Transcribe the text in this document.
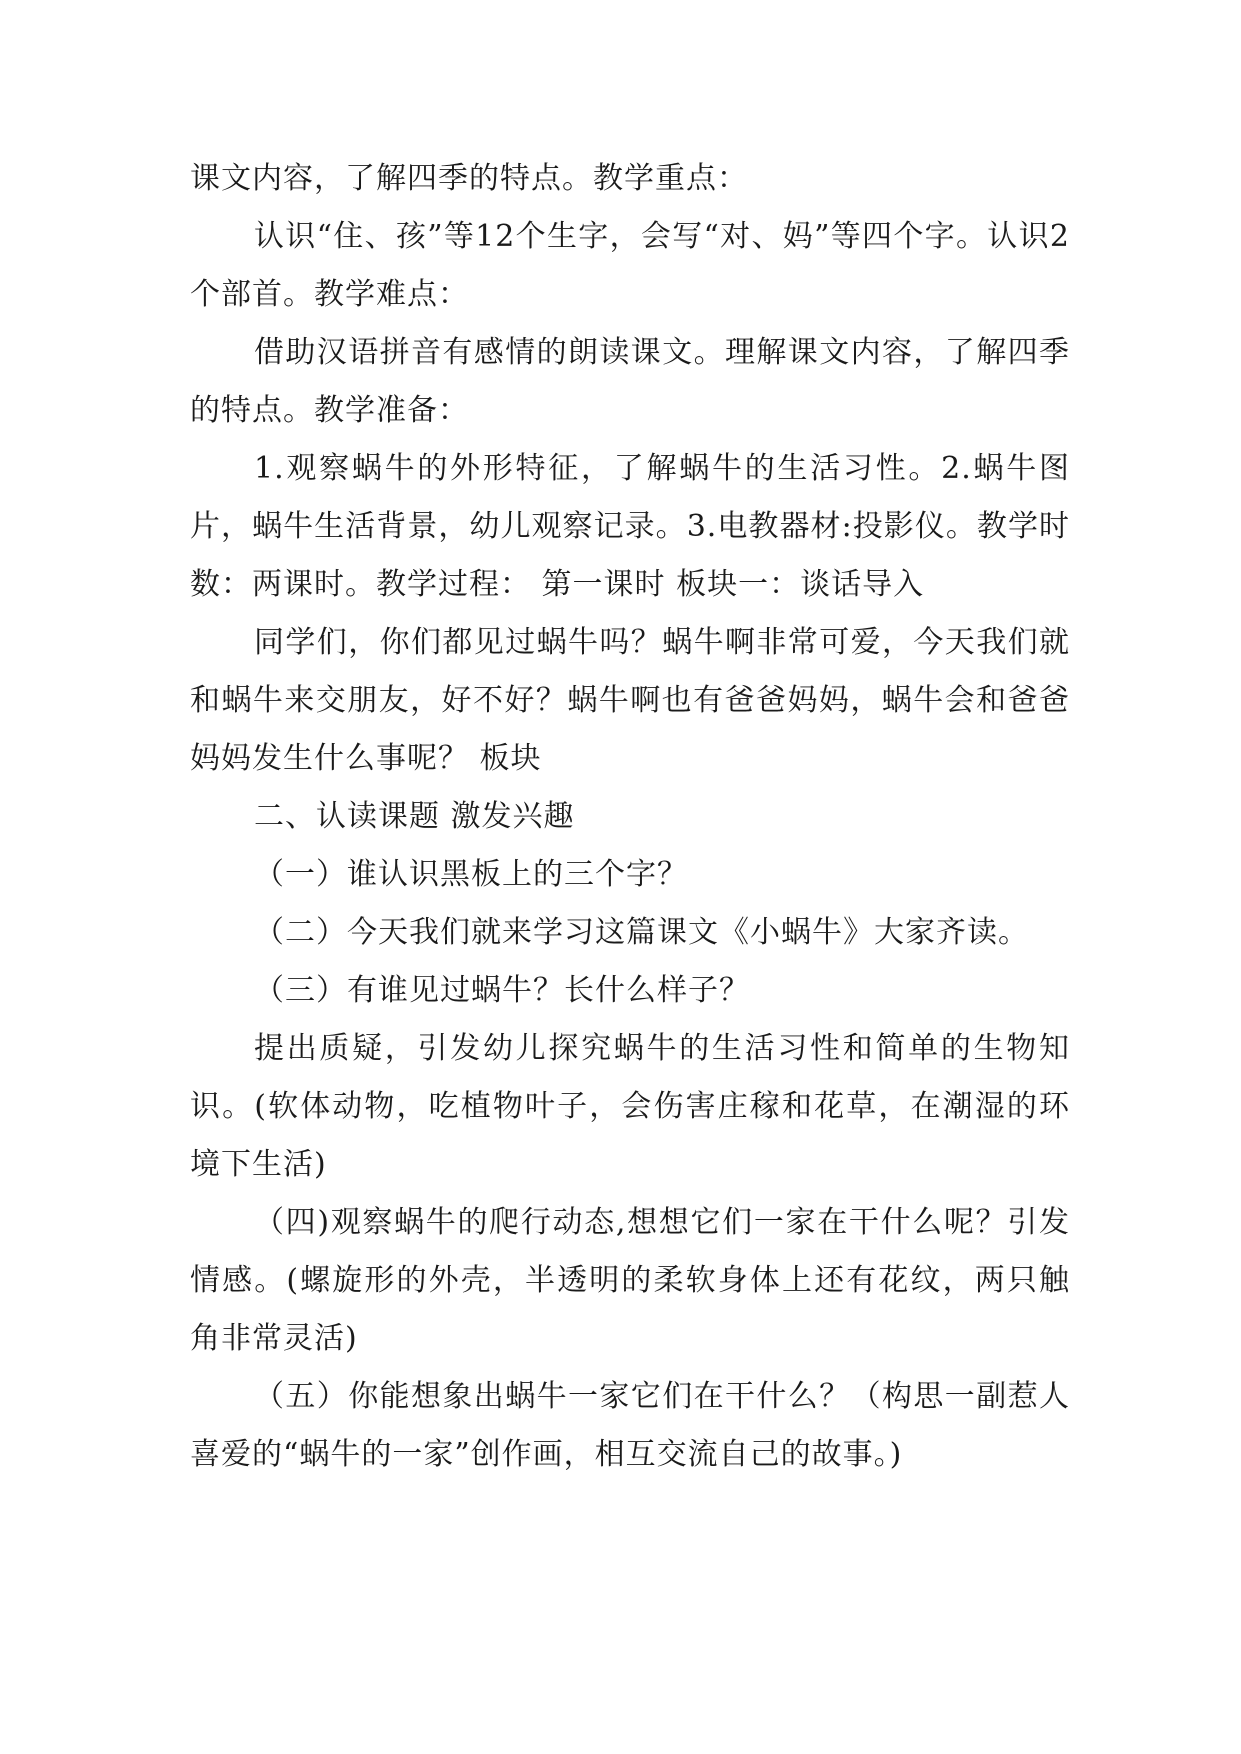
课文内容，了解四季的特点。教学重点：

认识“住、孩”等12个生字，会写“对、妈”等四个字。认识2个部首。教学难点：

借助汉语拼音有感情的朗读课文。理解课文内容，了解四季的特点。教学准备：

1.观察蜗牛的外形特征，了解蜗牛的生活习性。2.蜗牛图片，蜗牛生活背景，幼儿观察记录。3.电教器材:投影仪。教学时数：两课时。教学过程： 第一课时 板块一：谈话导入

同学们，你们都见过蜗牛吗？蜗牛啊非常可爱，今天我们就和蜗牛来交朋友，好不好？蜗牛啊也有爸爸妈妈，蜗牛会和爸爸妈妈发生什么事呢？ 板块

二、认读课题 激发兴趣

（一）谁认识黑板上的三个字？

（二）今天我们就来学习这篇课文《小蜗牛》大家齐读。

（三）有谁见过蜗牛？长什么样子？

提出质疑，引发幼儿探究蜗牛的生活习性和简单的生物知识。(软体动物，吃植物叶子，会伤害庄稼和花草，在潮湿的环境下生活)

（四)观察蜗牛的爬行动态,想想它们一家在干什么呢？引发情感。(螺旋形的外壳，半透明的柔软身体上还有花纹，两只触角非常灵活)

（五）你能想象出蜗牛一家它们在干什么？（构思一副惹人喜爱的“蜗牛的一家”创作画，相互交流自己的故事。)
